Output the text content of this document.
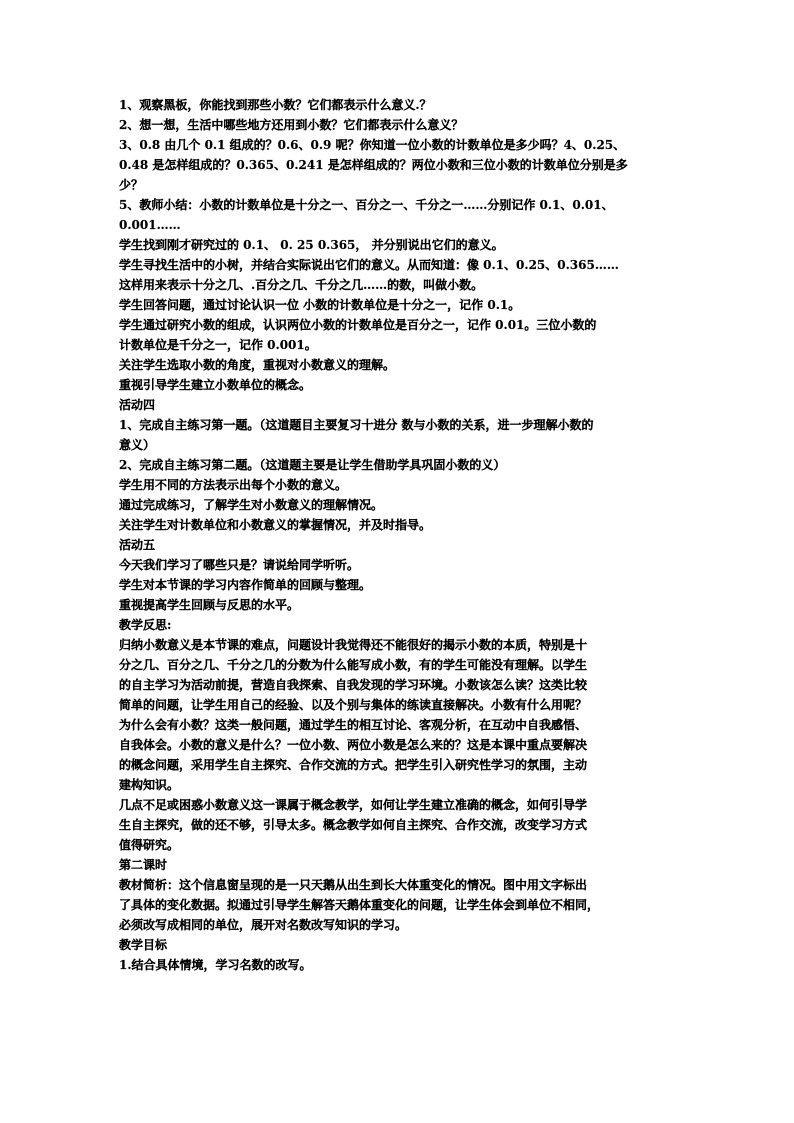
1、观察黑板，你能找到那些小数？它们都表示什么意义.？
2、想一想，生活中哪些地方还用到小数？它们都表示什么意义？
3、0.8 由几个 0.1 组成的？0.6、0.9 呢？你知道一位小数的计数单位是多少吗？4、0.25、
0.48 是怎样组成的？0.365、0.241 是怎样组成的？两位小数和三位小数的计数单位分别是多
少？
5、教师小结：小数的计数单位是十分之一、百分之一、千分之一……分别记作 0.1、0.01、
0.001……
学生找到刚才研究过的 0.1、 0. 25 0.365， 并分别说出它们的意义。
学生寻找生活中的小树，并结合实际说出它们的意义。从而知道：像 0.1、0.25、0.365……
这样用来表示十分之几、.百分之几、千分之几……的数，叫做小数。
学生回答问题，通过讨论认识一位 小数的计数单位是十分之一，记作 0.1。
学生通过研究小数的组成，认识两位小数的计数单位是百分之一，记作 0.01。三位小数的
计数单位是千分之一，记作 0.001。
关注学生选取小数的角度，重视对小数意义的理解。
重视引导学生建立小数单位的概念。
活动四
1、完成自主练习第一题。（这道题目主要复习十进分 数与小数的关系，进一步理解小数的
意义）
2、完成自主练习第二题。（这道题主要是让学生借助学具巩固小数的义）
学生用不同的方法表示出每个小数的意义。
通过完成练习，了解学生对小数意义的理解情况。
关注学生对计数单位和小数意义的掌握情况，并及时指导。
活动五
今天我们学习了哪些只是？请说给同学听听。
学生对本节课的学习内容作简单的回顾与整理。
重视提高学生回顾与反思的水平。
教学反思:
归纳小数意义是本节课的难点，问题设计我觉得还不能很好的揭示小数的本质，特别是十
分之几、百分之几、千分之几的分数为什么能写成小数，有的学生可能没有理解。以学生
的自主学习为活动前提，营造自我探索、自我发现的学习环境。小数该怎么读？这类比较
简单的问题，让学生用自己的经验、以及个别与集体的练读直接解决。小数有什么用呢？
为什么会有小数？这类一般问题，通过学生的相互讨论、客观分析，在互动中自我感悟、
自我体会。小数的意义是什么？一位小数、两位小数是怎么来的？这是本课中重点要解决
的概念问题，采用学生自主探究、合作交流的方式。把学生引入研究性学习的氛围，主动
建构知识。
几点不足或困惑小数意义这一课属于概念教学，如何让学生建立准确的概念，如何引导学
生自主探究，做的还不够，引导太多。概念教学如何自主探究、合作交流，改变学习方式
值得研究。
第二课时
教材简析：这个信息窗呈现的是一只天鹅从出生到长大体重变化的情况。图中用文字标出
了具体的变化数据。拟通过引导学生解答天鹅体重变化的问题，让学生体会到单位不相同，
必须改写成相同的单位，展开对名数改写知识的学习。
教学目标
1.结合具体情境，学习名数的改写。
